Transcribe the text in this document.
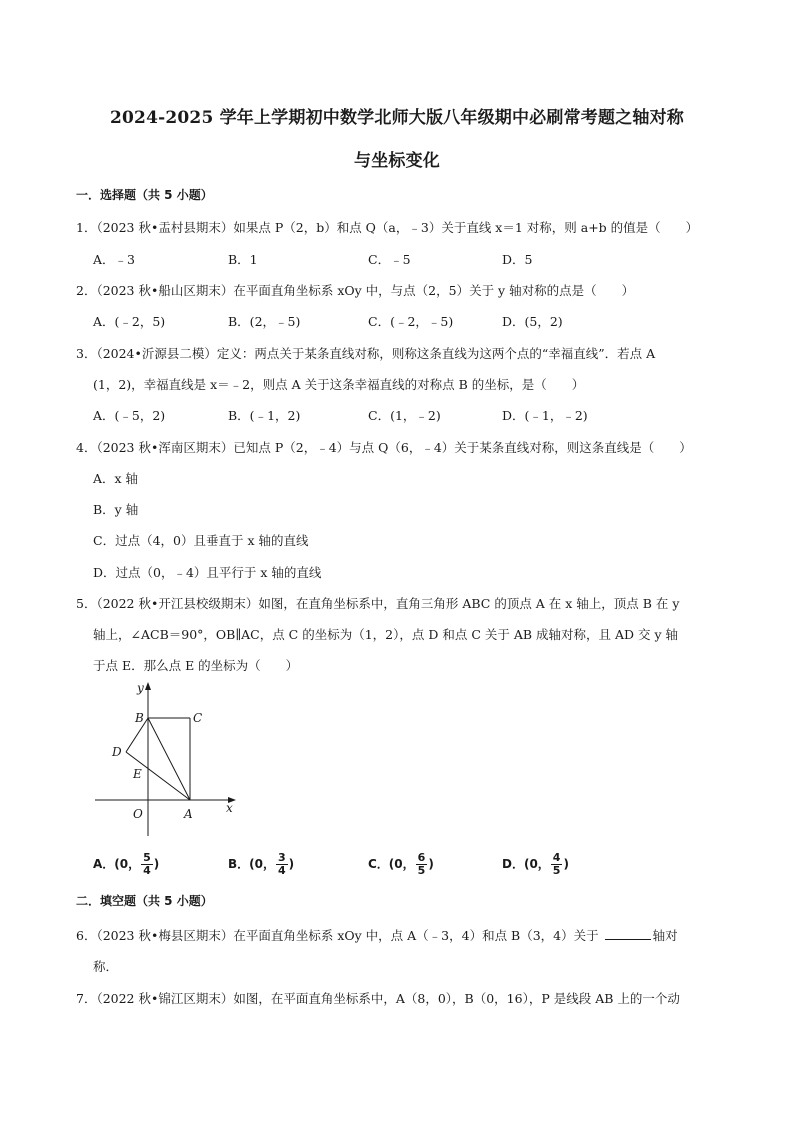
2024-2025 学年上学期初中数学北师大版八年级期中必刷常考题之轴对称
与坐标变化
一．选择题（共 5 小题）
1．（2023 秋•盂村县期末）如果点 P（2，b）和点 Q（a，﹣3）关于直线 x＝1 对称，则 a+b 的值是（　　）
A．﹣3	B．1	C．﹣5	D．5
2．（2023 秋•船山区期末）在平面直角坐标系 xOy 中，与点（2，5）关于 y 轴对称的点是（　　）
A．(﹣2，5)	B．(2，﹣5)	C．(﹣2，﹣5)	D．(5，2)
3．（2024•沂源县二模）定义：两点关于某条直线对称，则称这条直线为这两个点的“幸福直线”．若点 A
(1，2)，幸福直线是 x＝﹣2，则点 A 关于这条幸福直线的对称点 B 的坐标，是（　　）
A．(﹣5，2)	B．(﹣1，2)	C．(1，﹣2)	D．(﹣1，﹣2)
4．（2023 秋•浑南区期末）已知点 P（2，﹣4）与点 Q（6，﹣4）关于某条直线对称，则这条直线是（　　）
A．x 轴
B．y 轴
C．过点（4，0）且垂直于 x 轴的直线
D．过点（0，﹣4）且平行于 x 轴的直线
5．（2022 秋•开江县校级期末）如图，在直角坐标系中，直角三角形 ABC 的顶点 A 在 x 轴上，顶点 B 在 y
轴上，∠ACB＝90°，OB∥AC，点 C 的坐标为（1，2），点 D 和点 C 关于 AB 成轴对称，且 AD 交 y 轴
于点 E．那么点 E 的坐标为（　　）
y
x
B	C
D
E
O	A
A．(0， $\frac{5}{4}$ )	B．(0， $\frac{3}{4}$ )	C．(0， $\frac{6}{5}$ )	D．(0， $\frac{4}{5}$ )
二．填空题（共 5 小题）
6．（2023 秋•梅县区期末）在平面直角坐标系 xOy 中，点 A（﹣3，4）和点 B（3，4）关于	轴对
称．
7．（2022 秋•锦江区期末）如图，在平面直角坐标系中，A（8，0），B（0，16），P 是线段 AB 上的一个动
